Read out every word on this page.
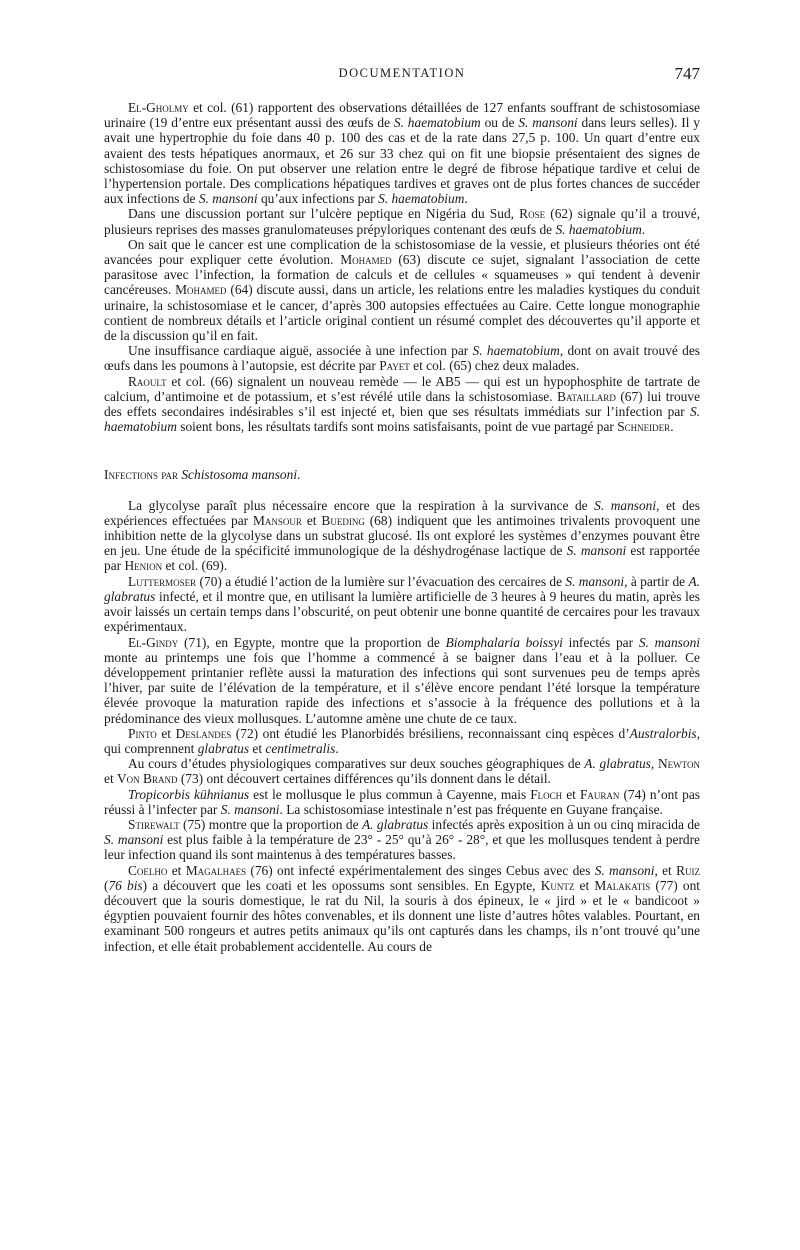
DOCUMENTATION	747

El-Gholmy et col. (61) rapportent des observations détaillées de 127 enfants souffrant de schistosomiase urinaire (19 d’entre eux présentant aussi des œufs de S. haematobium ou de S. mansoni dans leurs selles). Il y avait une hypertrophie du foie dans 40 p. 100 des cas et de la rate dans 27,5 p. 100. Un quart d’entre eux avaient des tests hépatiques anormaux, et 26 sur 33 chez qui on fit une biopsie présentaient des signes de schistosomiase du foie. On put observer une relation entre le degré de fibrose hépatique tardive et celui de l’hypertension portale. Des complications hépatiques tardives et graves ont de plus fortes chances de succéder aux infections de S. mansoni qu’aux infections par S. haematobium.

Dans une discussion portant sur l’ulcère peptique en Nigéria du Sud, Rose (62) signale qu’il a trouvé, plusieurs reprises des masses granulomateuses prépyloriques contenant des œufs de S. haematobium.

On sait que le cancer est une complication de la schistosomiase de la vessie, et plusieurs théories ont été avancées pour expliquer cette évolution. Mohamed (63) discute ce sujet, signalant l’association de cette parasitose avec l’infection, la formation de calculs et de cellules « squameuses » qui tendent à devenir cancéreuses. Mohamed (64) discute aussi, dans un article, les relations entre les maladies kystiques du conduit urinaire, la schistosomiase et le cancer, d’après 300 autopsies effectuées au Caire. Cette longue monographie contient de nombreux détails et l’article original contient un résumé complet des découvertes qu’il apporte et de la discussion qu’il en fait.

Une insuffisance cardiaque aiguë, associée à une infection par S. haematobium, dont on avait trouvé des œufs dans les poumons à l’autopsie, est décrite par Payet et col. (65) chez deux malades.

Raoult et col. (66) signalent un nouveau remède — le AB5 — qui est un hypophosphite de tartrate de calcium, d’antimoine et de potassium, et s’est révélé utile dans la schistosomiase. Bataillard (67) lui trouve des effets secondaires indésirables s’il est injecté et, bien que ses résultats immédiats sur l’infection par S. haematobium soient bons, les résultats tardifs sont moins satisfaisants, point de vue partagé par Schneider.

Infections par Schistosoma mansoni.

La glycolyse paraît plus nécessaire encore que la respiration à la survivance de S. mansoni, et des expériences effectuées par Mansour et Bueding (68) indiquent que les antimoines trivalents provoquent une inhibition nette de la glycolyse dans un substrat glucosé. Ils ont exploré les systèmes d’enzymes pouvant être en jeu. Une étude de la spécificité immunologique de la déshydrogénase lactique de S. mansoni est rapportée par Henion et col. (69).

Luttermoser (70) a étudié l’action de la lumière sur l’évacuation des cercaires de S. mansoni, à partir de A. glabratus infecté, et il montre que, en utilisant la lumière artificielle de 3 heures à 9 heures du matin, après les avoir laissés un certain temps dans l’obscurité, on peut obtenir une bonne quantité de cercaires pour les travaux expérimentaux.

El-Gindy (71), en Egypte, montre que la proportion de Biomphalaria boissyi infectés par S. mansoni monte au printemps une fois que l’homme a commencé à se baigner dans l’eau et à la polluer. Ce développement printanier reflète aussi la maturation des infections qui sont survenues peu de temps après l’hiver, par suite de l’élévation de la température, et il s’élève encore pendant l’été lorsque la température élevée provoque la maturation rapide des infections et s’associe à la fréquence des pollutions et à la prédominance des vieux mollusques. L’automne amène une chute de ce taux.

Pinto et Deslandes (72) ont étudié les Planorbidés brésiliens, reconnaissant cinq espèces d’Australorbis, qui comprennent glabratus et centimetralis.

Au cours d’études physiologiques comparatives sur deux souches géographiques de A. glabratus, Newton et Von Brand (73) ont découvert certaines différences qu’ils donnent dans le détail.

Tropicorbis kühnianus est le mollusque le plus commun à Cayenne, mais Floch et Fauran (74) n’ont pas réussi à l’infecter par S. mansoni. La schistosomiase intestinale n’est pas fréquente en Guyane française.

Stirewalt (75) montre que la proportion de A. glabratus infectés après exposition à un ou cinq miracida de S. mansoni est plus faible à la température de 23° - 25° qu’à 26° - 28°, et que les mollusques tendent à perdre leur infection quand ils sont maintenus à des températures basses.

Coelho et Magalhaes (76) ont infecté expérimentalement des singes Cebus avec des S. mansoni, et Ruiz (76 bis) a découvert que les coati et les opossums sont sensibles. En Egypte, Kuntz et Malakatis (77) ont découvert que la souris domestique, le rat du Nil, la souris à dos épineux, le « jird » et le « bandicoot » égyptien pouvaient fournir des hôtes convenables, et ils donnent une liste d’autres hôtes valables. Pourtant, en examinant 500 rongeurs et autres petits animaux qu’ils ont capturés dans les champs, ils n’ont trouvé qu’une infection, et elle était probablement accidentelle. Au cours de
